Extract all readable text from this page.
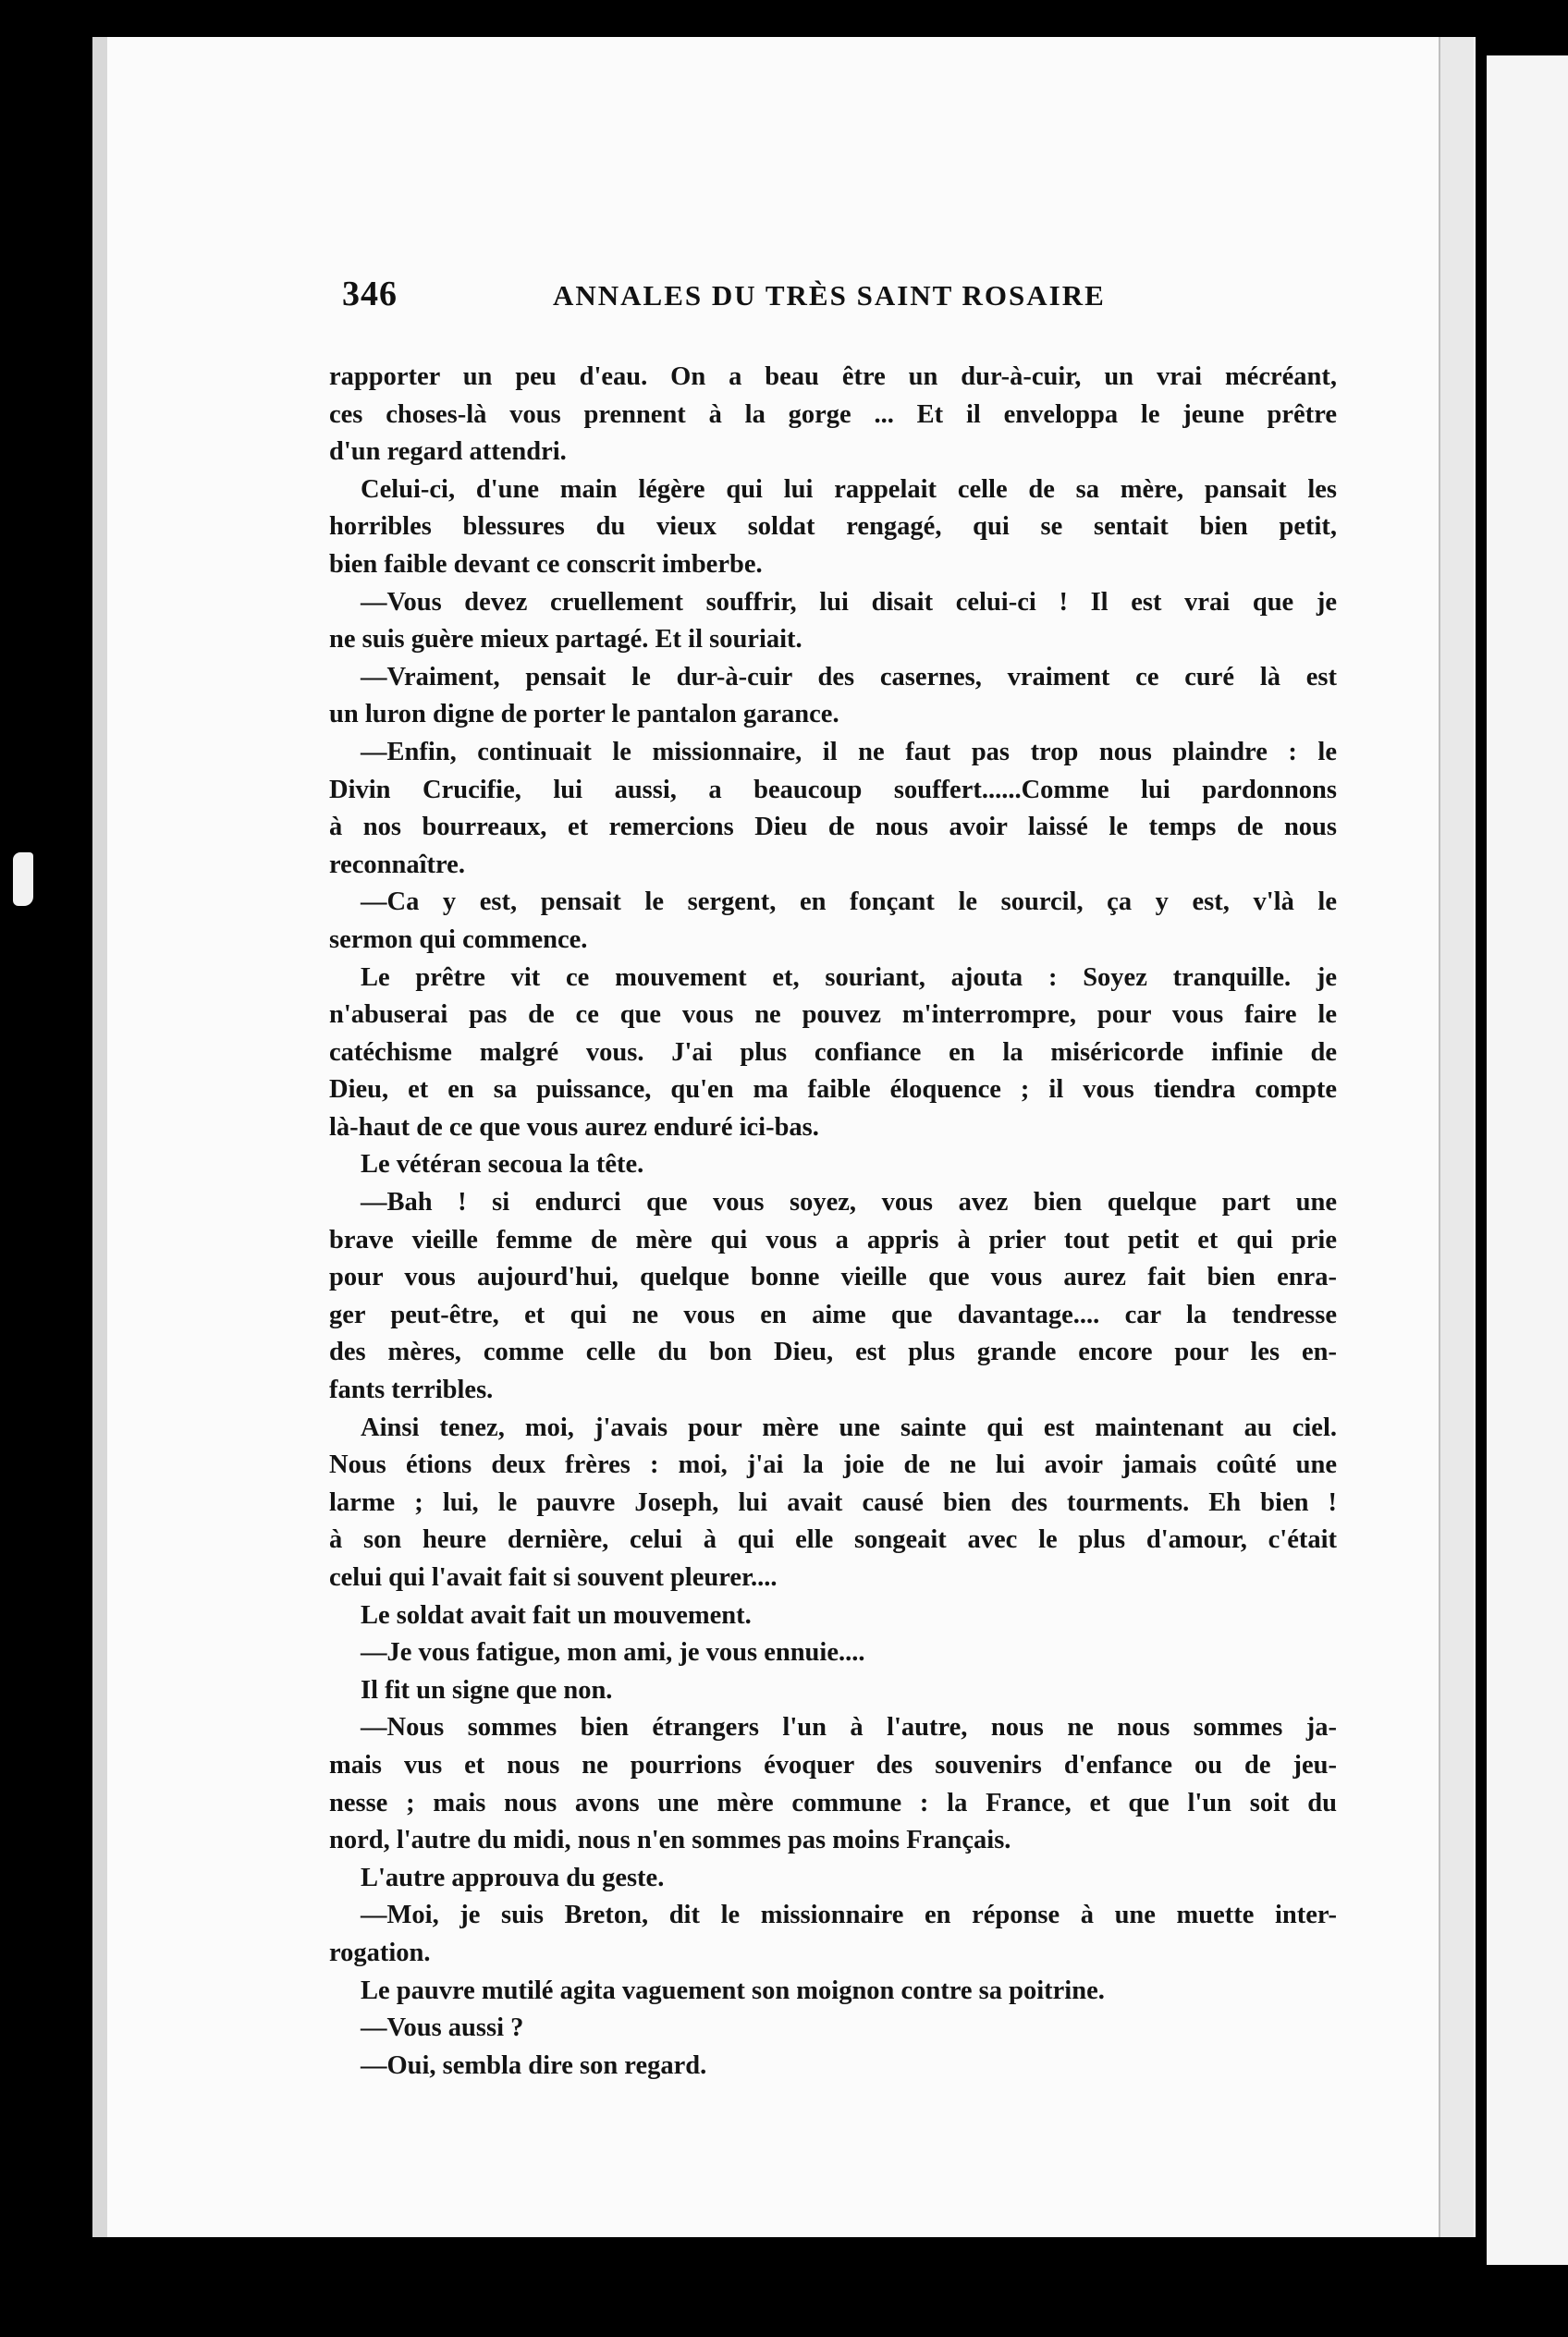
346	ANNALES DU TRÈS SAINT ROSAIRE
rapporter un peu d'eau. On a beau être un dur-à-cuir, un vrai mécréant,
ces choses-là vous prennent à la gorge ... Et il enveloppa le jeune prêtre
d'un regard attendri.
Celui-ci, d'une main légère qui lui rappelait celle de sa mère, pansait les
horribles blessures du vieux soldat rengagé, qui se sentait bien petit,
bien faible devant ce conscrit imberbe.
—Vous devez cruellement souffrir, lui disait celui-ci ! Il est vrai que je
ne suis guère mieux partagé. Et il souriait.
—Vraiment, pensait le dur-à-cuir des casernes, vraiment ce curé là est
un luron digne de porter le pantalon garance.
—Enfin, continuait le missionnaire, il ne faut pas trop nous plaindre : le
Divin Crucifie, lui aussi, a beaucoup souffert......Comme lui pardonnons
à nos bourreaux, et remercions Dieu de nous avoir laissé le temps de nous
reconnaître.
—Ca y est, pensait le sergent, en fonçant le sourcil, ça y est, v'là le
sermon qui commence.
Le prêtre vit ce mouvement et, souriant, ajouta : Soyez tranquille. je
n'abuserai pas de ce que vous ne pouvez m'interrompre, pour vous faire le
catéchisme malgré vous. J'ai plus confiance en la miséricorde infinie de
Dieu, et en sa puissance, qu'en ma faible éloquence ; il vous tiendra compte
là-haut de ce que vous aurez enduré ici-bas.
Le vétéran secoua la tête.
—Bah ! si endurci que vous soyez, vous avez bien quelque part une
brave vieille femme de mère qui vous a appris à prier tout petit et qui prie
pour vous aujourd'hui, quelque bonne vieille que vous aurez fait bien enra-
ger peut-être, et qui ne vous en aime que davantage.... car la tendresse
des mères, comme celle du bon Dieu, est plus grande encore pour les en-
fants terribles.
Ainsi tenez, moi, j'avais pour mère une sainte qui est maintenant au ciel.
Nous étions deux frères : moi, j'ai la joie de ne lui avoir jamais coûté une
larme ; lui, le pauvre Joseph, lui avait causé bien des tourments. Eh bien !
à son heure dernière, celui à qui elle songeait avec le plus d'amour, c'était
celui qui l'avait fait si souvent pleurer....
Le soldat avait fait un mouvement.
—Je vous fatigue, mon ami, je vous ennuie....
Il fit un signe que non.
—Nous sommes bien étrangers l'un à l'autre, nous ne nous sommes ja-
mais vus et nous ne pourrions évoquer des souvenirs d'enfance ou de jeu-
nesse ; mais nous avons une mère commune : la France, et que l'un soit du
nord, l'autre du midi, nous n'en sommes pas moins Français.
L'autre approuva du geste.
—Moi, je suis Breton, dit le missionnaire en réponse à une muette inter-
rogation.
Le pauvre mutilé agita vaguement son moignon contre sa poitrine.
—Vous aussi ?
—Oui, sembla dire son regard.
